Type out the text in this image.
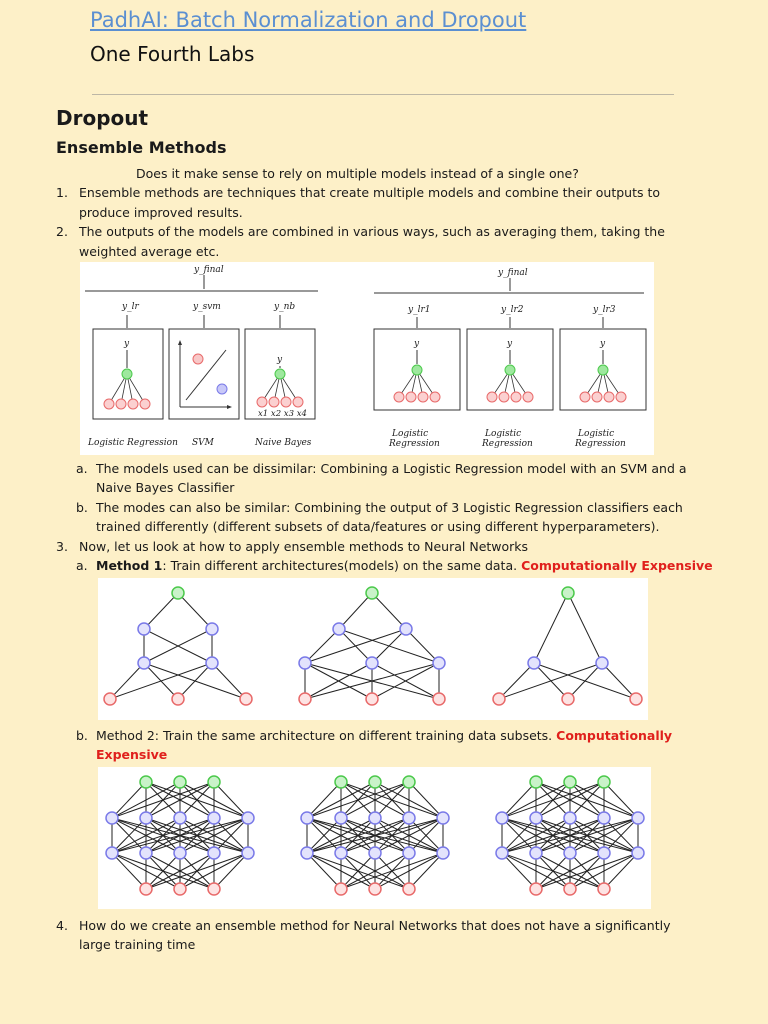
PadhAI: Batch Normalization and Dropout
One Fourth Labs
Dropout
Ensemble Methods
Does it make sense to rely on multiple models instead of a single one?
1. Ensemble methods are techniques that create multiple models and combine their outputs to
produce improved results.
2. The outputs of the models are combined in various ways, such as averaging them, taking the
weighted average etc.
y_final
y_lr	y_svm	y_nb
y
y
x1 x2 x3 x4
Logistic Regression SVM	Naive Bayes
y_final
y_lr1	y_lr2	y_lr3
y	y	y
Logistic
Regression
Logistic
Regression
Logistic
Regression
a. The models used can be dissimilar: Combining a Logistic Regression model with an SVM and a
Naive Bayes Classifier
b. The modes can also be similar: Combining the output of 3 Logistic Regression classifiers each
trained differently (different subsets of data/features or using different hyperparameters).
3. Now, let us look at how to apply ensemble methods to Neural Networks
a. Method 1: Train different architectures(models) on the same data. Computationally Expensive
b. Method 2: Train the same architecture on different training data subsets. Computationally
Expensive
4. How do we create an ensemble method for Neural Networks that does not have a significantly
large training time
